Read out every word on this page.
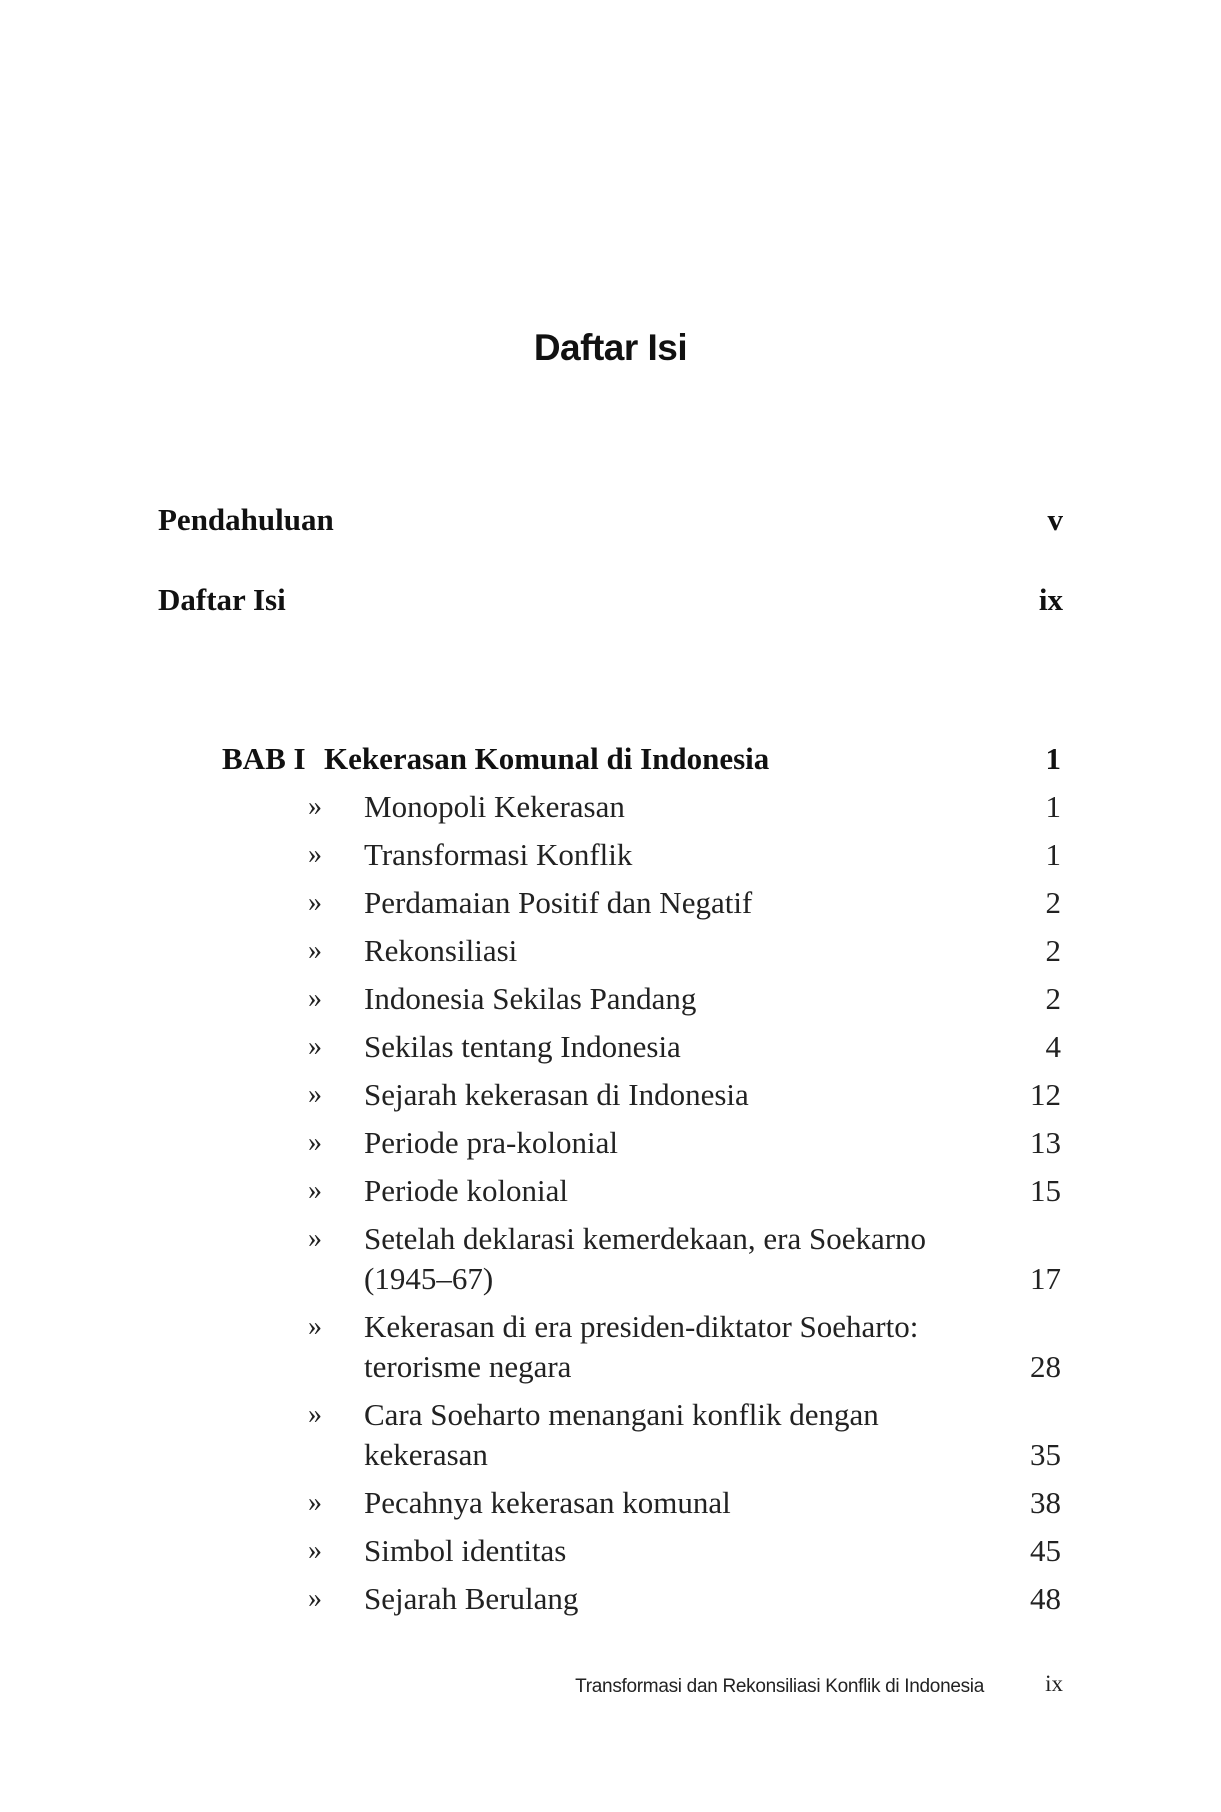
Daftar Isi
Pendahuluan	v
Daftar Isi	ix
BAB I Kekerasan Komunal di Indonesia	1
» Monopoli Kekerasan	1
» Transformasi Konflik	1
» Perdamaian Positif dan Negatif	2
» Rekonsiliasi	2
» Indonesia Sekilas Pandang	2
» Sekilas tentang Indonesia	4
» Sejarah kekerasan di Indonesia	12
» Periode pra-kolonial	13
» Periode kolonial	15
» Setelah deklarasi kemerdekaan, era Soekarno (1945–67)	17
» Kekerasan di era presiden-diktator Soeharto: terorisme negara	28
» Cara Soeharto menangani konflik dengan kekerasan	35
» Pecahnya kekerasan komunal	38
» Simbol identitas	45
» Sejarah Berulang	48
Transformasi dan Rekonsiliasi Konflik di Indonesia	ix
